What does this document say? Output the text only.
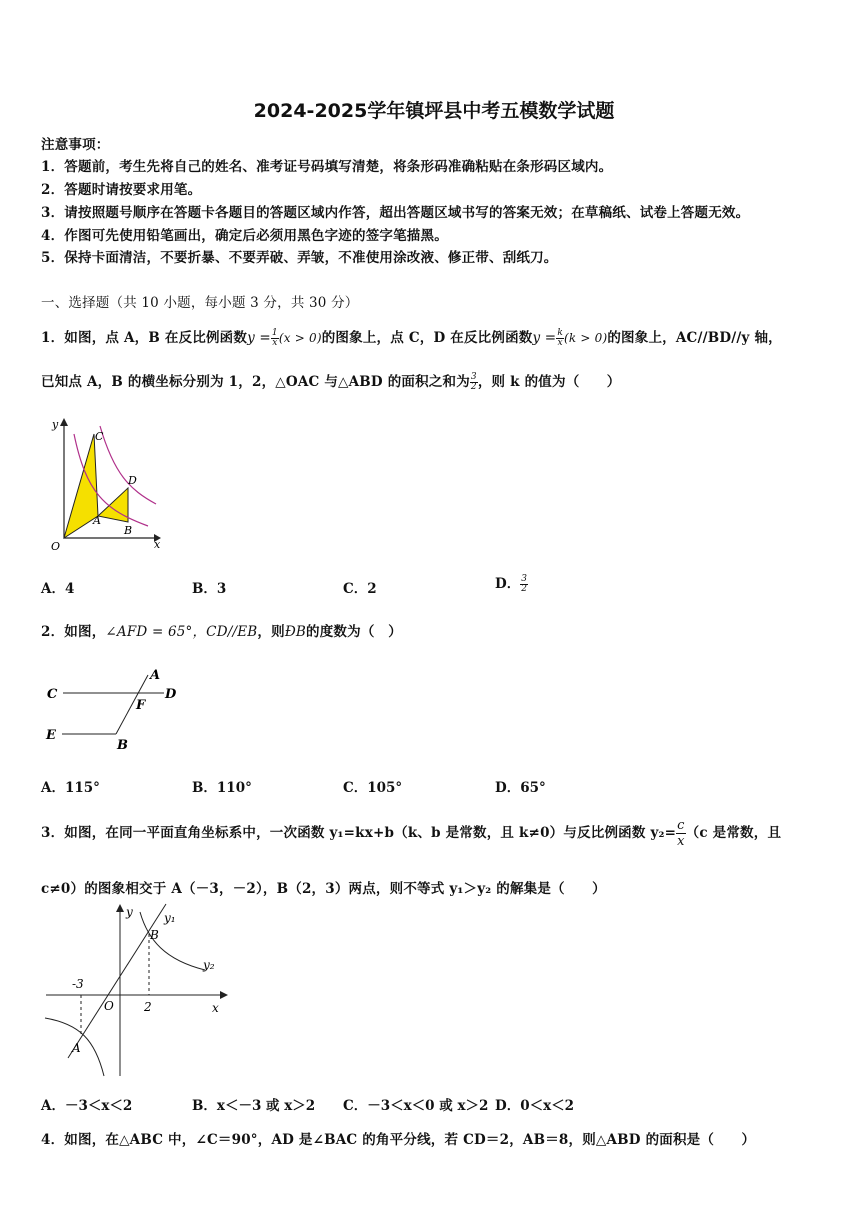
2024-2025学年镇坪县中考五模数学试题
注意事项：
1．答题前，考生先将自己的姓名、准考证号码填写清楚，将条形码准确粘贴在条形码区域内。
2．答题时请按要求用笔。
3．请按照题号顺序在答题卡各题目的答题区域内作答，超出答题区域书写的答案无效；在草稿纸、试卷上答题无效。
4．作图可先使用铅笔画出，确定后必须用黑色字迹的签字笔描黑。
5．保持卡面清洁，不要折暴、不要弄破、弄皱，不准使用涂改液、修正带、刮纸刀。
一、选择题（共 10 小题，每小题 3 分，共 30 分）
1．如图，点 A，B 在反比例函数$y = \frac{1}{x} (x > 0)$的图象上，点 C，D 在反比例函数$y = \frac{k}{x} (k > 0)$的图象上，AC//BD//y 轴，
已知点 A，B 的横坐标分别为 1，2，△OAC 与△ABD 的面积之和为 $\frac{3}{2}$ ，则 k 的值为（　　）
y
x
O
A
B
C
D
A．4	B．3	C．2	D． $\frac{3}{2}$
2．如图，∠AFD = 65°，CD//EB，则ÐB的度数为（　）
C
A
D
F
E
B
A．115°	B．110°	C．105°	D．65°
3．如图，在同一平面直角坐标系中，一次函数 y₁=kx+b（k、b 是常数，且 k≠0）与反比例函数 $y_2= \frac{c}{x} (c$ 是常数，且
c≠0）的图象相交于 A（－3，－2），B（2，3）两点，则不等式 y₁＞y₂ 的解集是（　　）
y	y₁
B
y₂
-3
O	2	x
A
A．－3＜x＜2	B．x＜－3 或 x＞2 C．－3＜x＜0 或 x＞2 D．0＜x＜2
4．如图，在△ABC 中，∠C＝90°，AD 是∠BAC 的角平分线，若 CD＝2，AB＝8，则△ABD 的面积是（　　）
